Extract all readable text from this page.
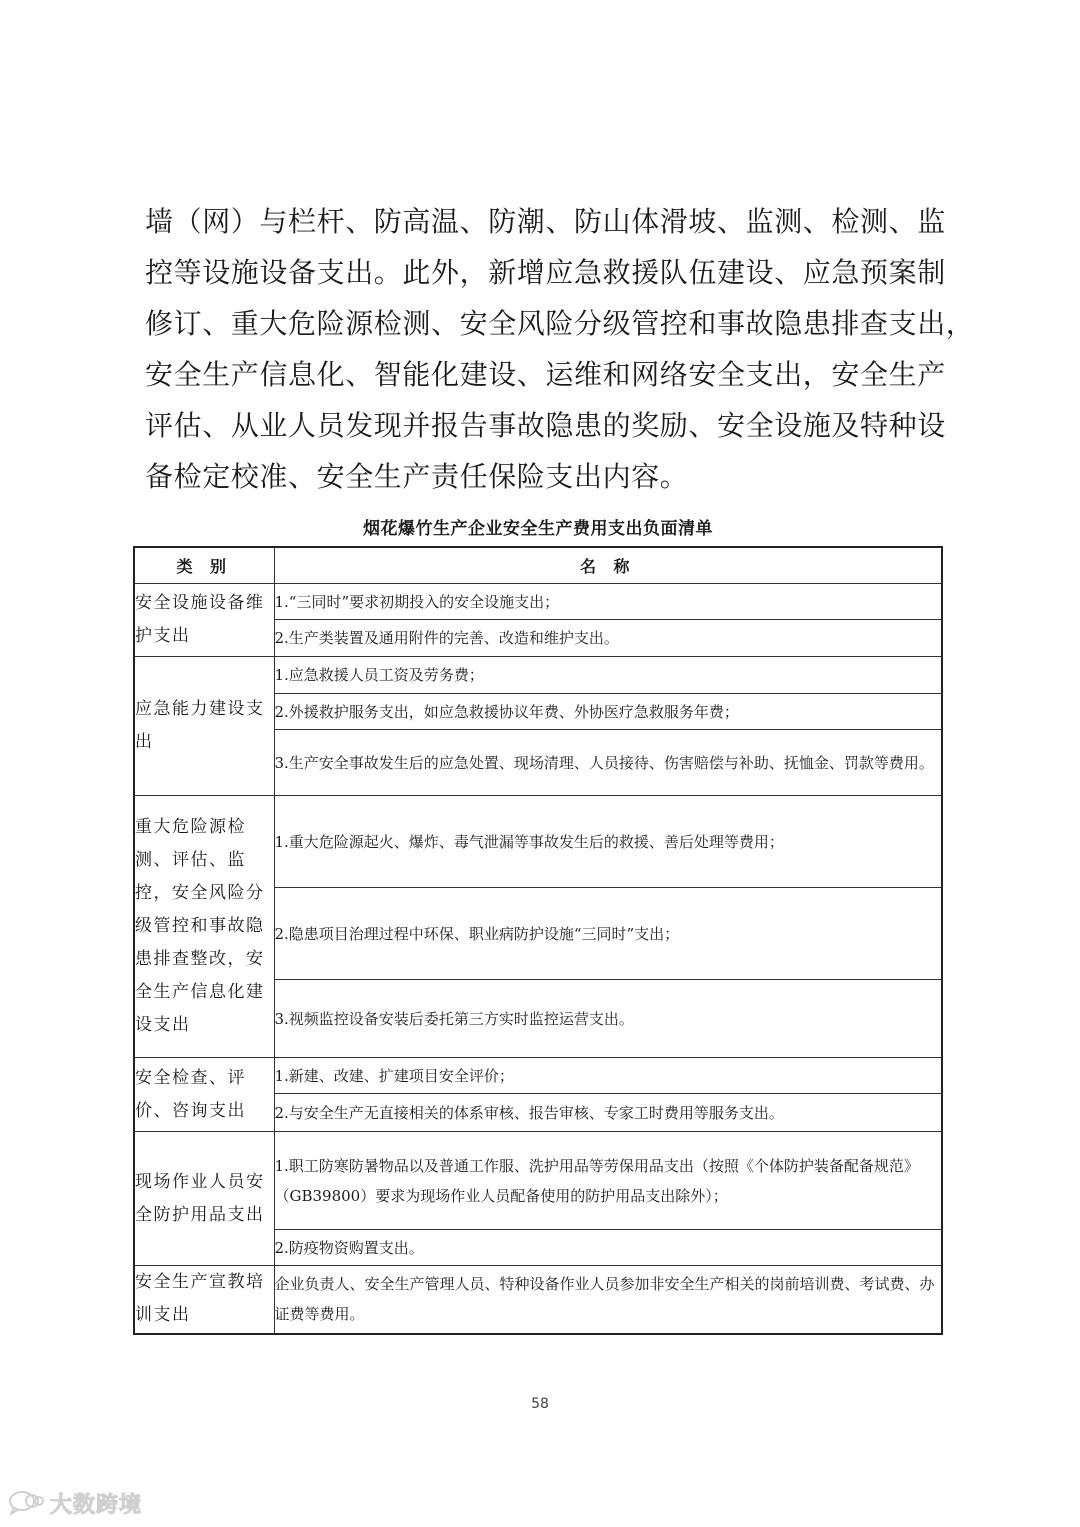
墙（网）与栏杆、防高温、防潮、防山体滑坡、监测、检测、监
控等设施设备支出。此外，新增应急救援队伍建设、应急预案制
修订、重大危险源检测、安全风险分级管控和事故隐患排查支出，
安全生产信息化、智能化建设、运维和网络安全支出，安全生产
评估、从业人员发现并报告事故隐患的奖励、安全设施及特种设
备检定校准、安全生产责任保险支出内容。
烟花爆竹生产企业安全生产费用支出负面清单
类 别	名 称
安全设施设备维护支出	1.“三同时”要求初期投入的安全设施支出；
	2.生产类装置及通用附件的完善、改造和维护支出。
应急能力建设支出	1.应急救援人员工资及劳务费；
	2.外援救护服务支出，如应急救援协议年费、外协医疗急救服务年费；
	3.生产安全事故发生后的应急处置、现场清理、人员接待、伤害赔偿与补助、抚恤金、罚款等费用。
重大危险源检测、评估、监控，安全风险分级管控和事故隐患排查整改，安全生产信息化建设支出	1.重大危险源起火、爆炸、毒气泄漏等事故发生后的救援、善后处理等费用；
	2.隐患项目治理过程中环保、职业病防护设施“三同时”支出；
	3.视频监控设备安装后委托第三方实时监控运营支出。
安全检查、评价、咨询支出	1.新建、改建、扩建项目安全评价；
	2.与安全生产无直接相关的体系审核、报告审核、专家工时费用等服务支出。
现场作业人员安全防护用品支出	1.职工防寒防暑物品以及普通工作服、洗护用品等劳保用品支出（按照《个体防护装备配备规范》（GB39800）要求为现场作业人员配备使用的防护用品支出除外）；
	2.防疫物资购置支出。
安全生产宣教培训支出	企业负责人、安全生产管理人员、特种设备作业人员参加非安全生产相关的岗前培训费、考试费、办证费等费用。
58
大数跨境
